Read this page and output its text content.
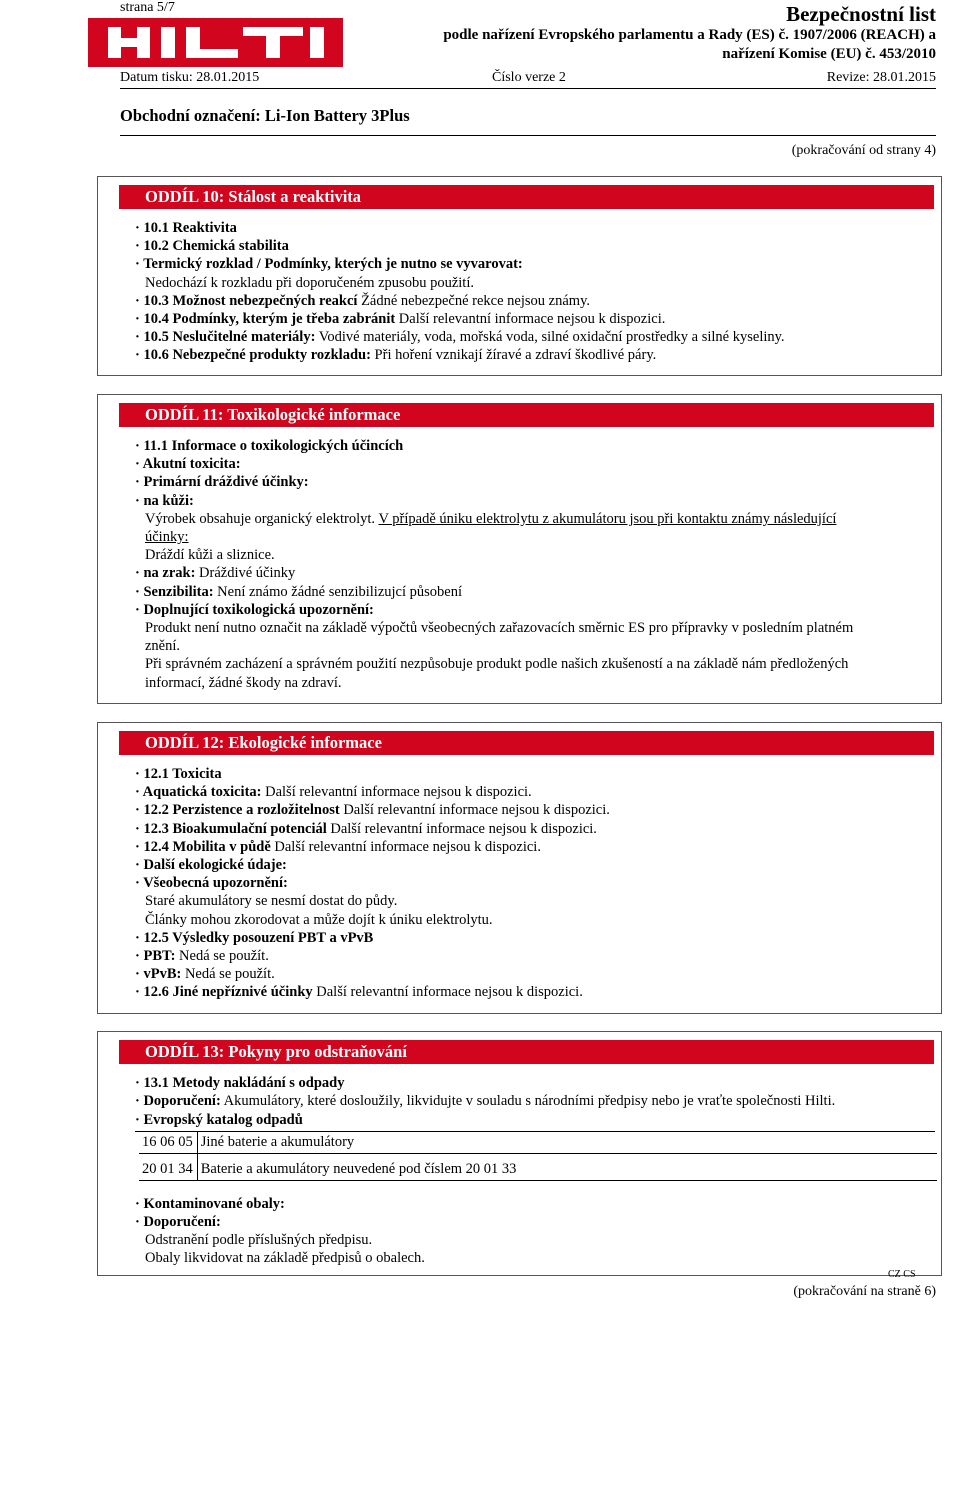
strana 5/7	Bezpečnostní list
podle nařízení Evropského parlamentu a Rady (ES) č. 1907/2006 (REACH) a
nařízení Komise (EU) č. 453/2010
Datum tisku: 28.01.2015	Číslo verze 2	Revize: 28.01.2015
Obchodní označení: Li-Ion Battery 3Plus
(pokračování od strany 4)
ODDÍL 10: Stálost a reaktivita
· 10.1 Reaktivita
· 10.2 Chemická stabilita
· Termický rozklad / Podmínky, kterých je nutno se vyvarovat:
Nedochází k rozkladu při doporučeném zpusobu použití.
· 10.3 Možnost nebezpečných reakcí Žádné nebezpečné rekce nejsou známy.
· 10.4 Podmínky, kterým je třeba zabránit Další relevantní informace nejsou k dispozici.
· 10.5 Neslučitelné materiály: Vodivé materiály, voda, mořská voda, silné oxidační prostředky a silné kyseliny.
· 10.6 Nebezpečné produkty rozkladu: Při hoření vznikají žíravé a zdraví škodlivé páry.
ODDÍL 11: Toxikologické informace
· 11.1 Informace o toxikologických účincích
· Akutní toxicita:
· Primární dráždivé účinky:
· na kůži:
Výrobek obsahuje organický elektrolyt. V případě úniku elektrolytu z akumulátoru jsou při kontaktu známy následující
účinky:
Dráždí kůži a sliznice.
· na zrak: Dráždivé účinky
· Senzibilita: Není známo žádné senzibilizujcí působení
· Doplnující toxikologická upozornění:
Produkt není nutno označit na základě výpočtů všeobecných zařazovacích směrnic ES pro přípravky v posledním platném
znění.
Při správném zacházení a správném použití nezpůsobuje produkt podle našich zkušeností a na základě nám předložených
informací, žádné škody na zdraví.
ODDÍL 12: Ekologické informace
· 12.1 Toxicita
· Aquatická toxicita: Další relevantní informace nejsou k dispozici.
· 12.2 Perzistence a rozložitelnost Další relevantní informace nejsou k dispozici.
· 12.3 Bioakumulační potenciál Další relevantní informace nejsou k dispozici.
· 12.4 Mobilita v půdě Další relevantní informace nejsou k dispozici.
· Další ekologické údaje:
· Všeobecná upozornění:
Staré akumulátory se nesmí dostat do půdy.
Články mohou zkorodovat a může dojít k úniku elektrolytu.
· 12.5 Výsledky posouzení PBT a vPvB
· PBT: Nedá se použít.
· vPvB: Nedá se použít.
· 12.6 Jiné nepříznivé účinky Další relevantní informace nejsou k dispozici.
ODDÍL 13: Pokyny pro odstraňování
· 13.1 Metody nakládání s odpady
· Doporučení: Akumulátory, které dosloužily, likvidujte v souladu s národními předpisy nebo je vraťte společnosti Hilti.
· Evropský katalog odpadů
16 06 05	Jiné baterie a akumulátory
20 01 34	Baterie a akumulátory neuvedené pod číslem 20 01 33
· Kontaminované obaly:
· Doporučení:
Odstranění podle příslušných předpisu.
Obaly likvidovat na základě předpisů o obalech.
CZ CS
(pokračování na straně 6)
